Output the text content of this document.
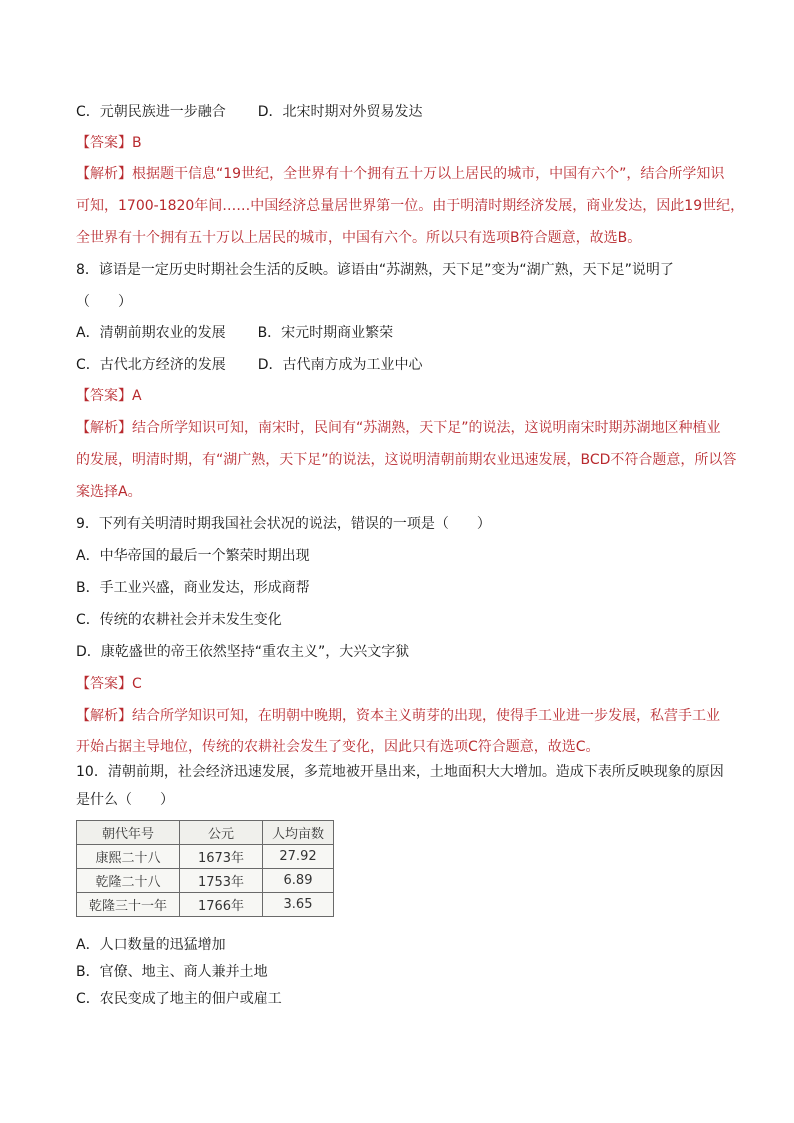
C．元朝民族进一步融合 D．北宋时期对外贸易发达
【答案】B
【解析】根据题干信息“19世纪，全世界有十个拥有五十万以上居民的城市，中国有六个”，结合所学知识
可知，1700-1820年间……中国经济总量居世界第一位。由于明清时期经济发展，商业发达，因此19世纪，
全世界有十个拥有五十万以上居民的城市，中国有六个。所以只有选项B符合题意，故选B。
8．谚语是一定历史时期社会生活的反映。谚语由“苏湖熟，天下足”变为“湖广熟，天下足”说明了
（　　）
A．清朝前期农业的发展 B．宋元时期商业繁荣
C．古代北方经济的发展 D．古代南方成为工业中心
【答案】A
【解析】结合所学知识可知，南宋时，民间有“苏湖熟，天下足”的说法，这说明南宋时期苏湖地区种植业
的发展，明清时期，有“湖广熟，天下足”的说法，这说明清朝前期农业迅速发展，BCD不符合题意，所以答
案选择A。
9．下列有关明清时期我国社会状况的说法，错误的一项是（　　）
A．中华帝国的最后一个繁荣时期出现
B．手工业兴盛，商业发达，形成商帮
C．传统的农耕社会并未发生变化
D．康乾盛世的帝王依然坚持“重农主义”，大兴文字狱
【答案】C
【解析】结合所学知识可知，在明朝中晚期，资本主义萌芽的出现，使得手工业进一步发展，私营手工业
开始占据主导地位，传统的农耕社会发生了变化，因此只有选项C符合题意，故选C。
10．清朝前期，社会经济迅速发展，多荒地被开垦出来，土地面积大大增加。造成下表所反映现象的原因
是什么（　　）
朝代年号	公元	人均亩数
康熙二十八	1673年	27.92
乾隆二十八	1753年	6.89
乾隆三十一年	1766年	3.65
A．人口数量的迅猛增加
B．官僚、地主、商人兼并土地
C．农民变成了地主的佃户或雇工
